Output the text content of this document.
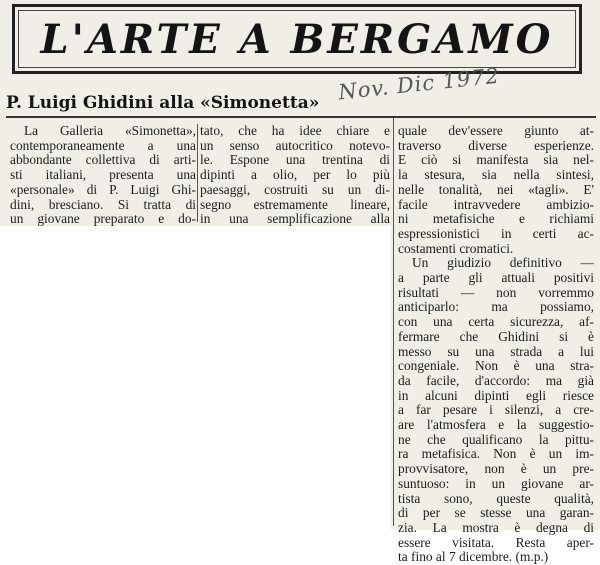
L'ARTE A BERGAMO
Nov. Dic 1972
P. Luigi Ghidini alla «Simonetta»
La Galleria «Simonetta»,
contemporaneamente a una
abbondante collettiva di arti-
sti italiani, presenta una
«personale» di P. Luigi Ghi-
dini, bresciano. Si tratta di
un giovane preparato e do-
tato, che ha idee chiare e
un senso autocritico notevo-
le. Espone una trentina di
dipinti a olio, per lo più
paesaggi, costruiti su un di-
segno estremamente lineare,
in una semplificazione alla
quale dev'essere giunto at-
traverso diverse esperienze.
E ciò si manifesta sia nel-
la stesura, sia nella sintesi,
nelle tonalità, nei «tagli». E'
facile intravvedere ambizio-
ni metafisiche e richiami
espressionistici in certi ac-
costamenti cromatici.
Un giudizio definitivo —
a parte gli attuali positivi
risultati — non vorremmo
anticiparlo: ma possiamo,
con una certa sicurezza, af-
fermare che Ghidini si è
messo su una strada a lui
congeniale. Non è una stra-
da facile, d'accordo: ma già
in alcuni dipinti egli riesce
a far pesare i silenzi, a cre-
are l'atmosfera e la suggestio-
ne che qualificano la pittu-
ra metafisica. Non è un im-
provvisatore, non è un pre-
suntuoso: in un giovane ar-
tista sono, queste qualità,
di per se stesse una garan-
zia. La mostra è degna di
essere visitata. Resta aper-
ta fino al 7 dicembre. (m.p.)
